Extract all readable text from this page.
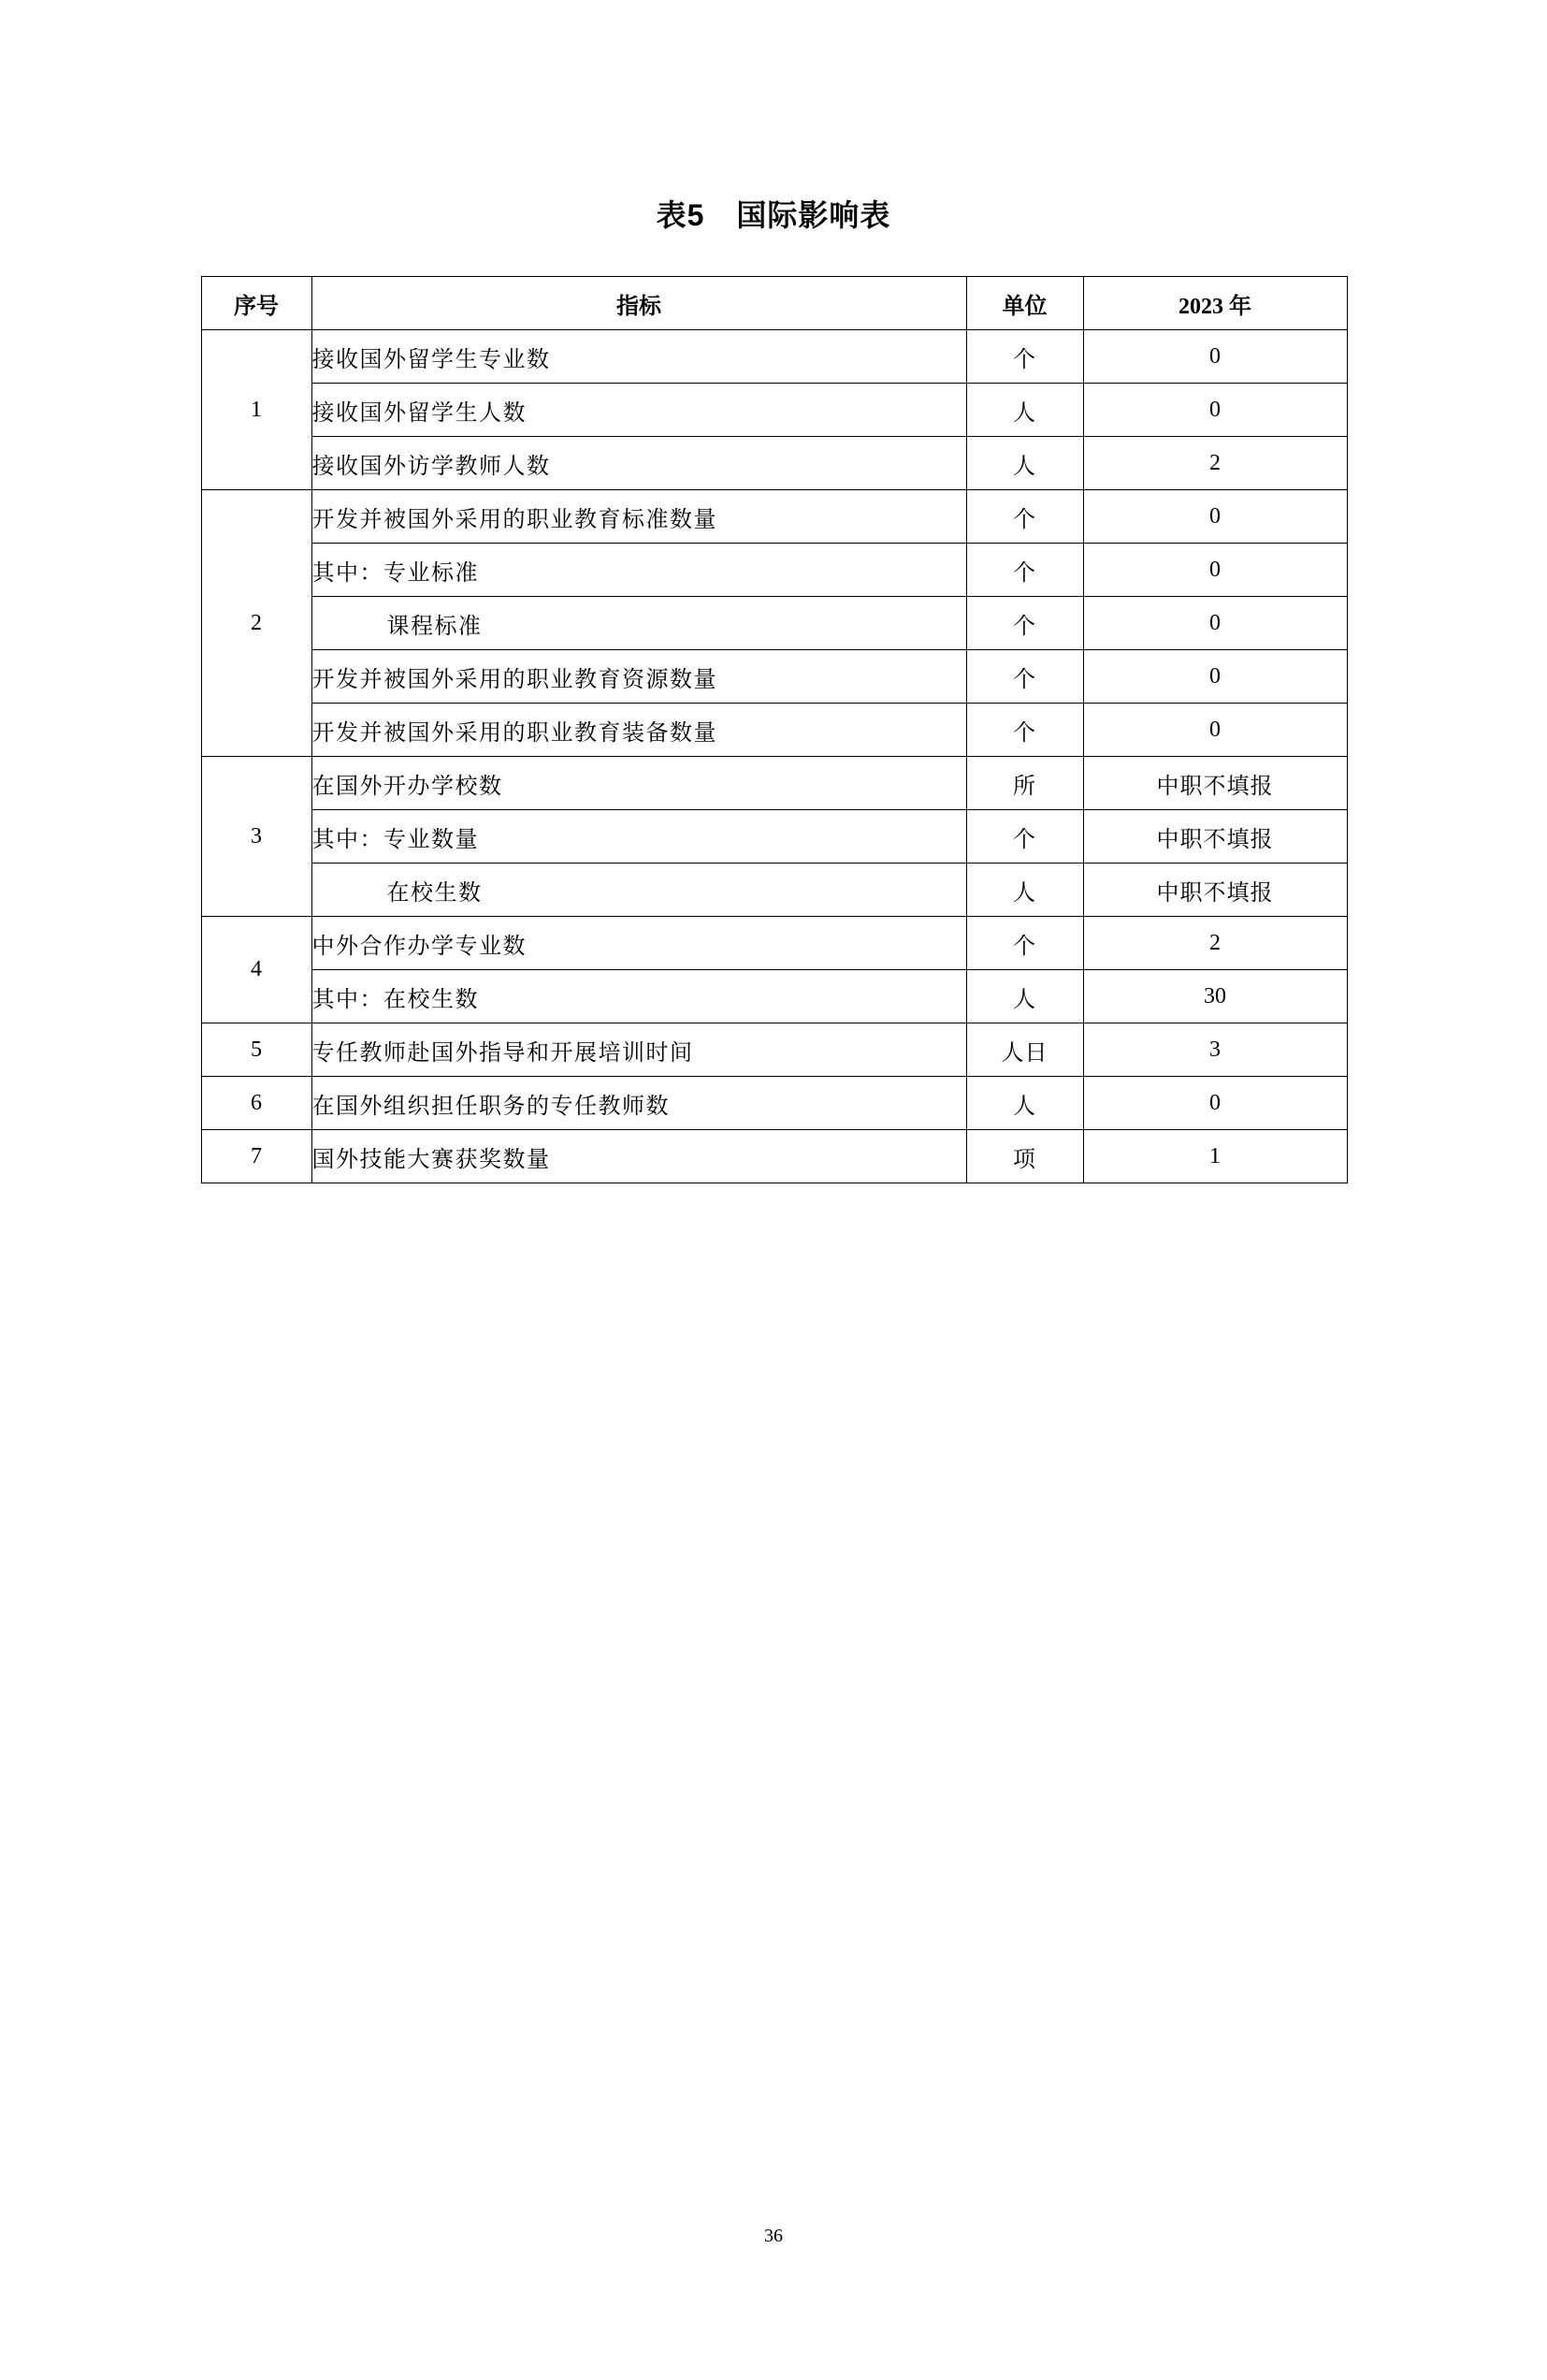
表5 国际影响表
序号	指标	单位	2023 年
1	接收国外留学生专业数	个	0
	接收国外留学生人数	人	0
	接收国外访学教师人数	人	2
2	开发并被国外采用的职业教育标准数量	个	0
	其中：专业标准	个	0
	课程标准	个	0
	开发并被国外采用的职业教育资源数量	个	0
	开发并被国外采用的职业教育装备数量	个	0
3	在国外开办学校数	所	中职不填报
	其中：专业数量	个	中职不填报
	在校生数	人	中职不填报
4	中外合作办学专业数	个	2
	其中：在校生数	人	30
5	专任教师赴国外指导和开展培训时间	人日	3
6	在国外组织担任职务的专任教师数	人	0
7	国外技能大赛获奖数量	项	1
36
